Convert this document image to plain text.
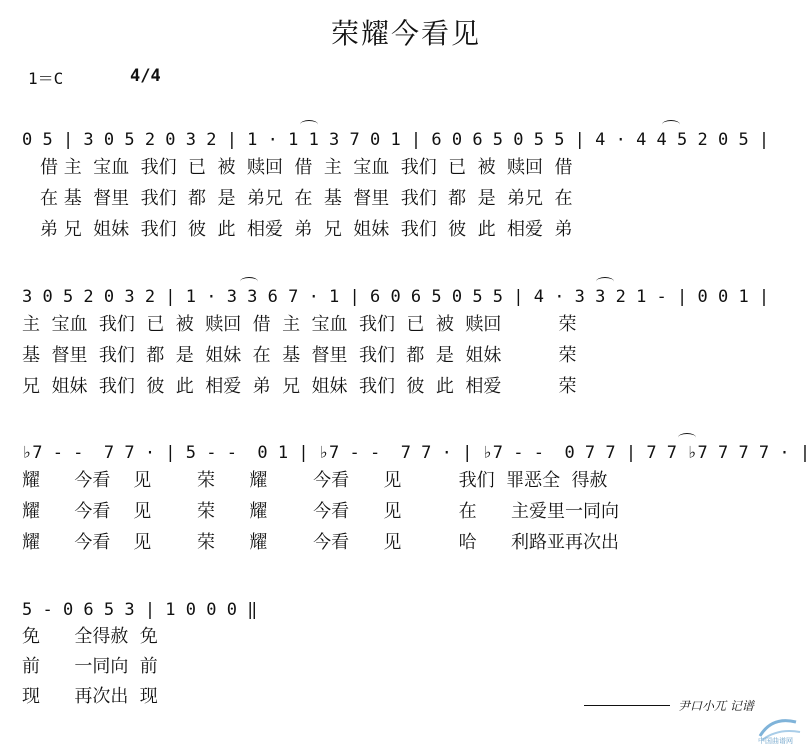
荣耀今看见
1＝C	4/4
0 5 | 3 0 5 2 0 3 2 | 1 · 1 1 3 7 0 1 | 6 0 6 5 0 5 5 | 4 · 4 4 5 2 0 5 |
借 主  宝血  我们  已  被  赎回  借  主  宝血  我们  已  被  赎回  借
在 基  督里  我们  都  是  弟兄  在  基  督里  我们  都  是  弟兄  在
弟 兄  姐妹  我们  彼  此  相爱  弟  兄  姐妹  我们  彼  此  相爱  弟
3 0 5 2 0 3 2 | 1 · 3 3 6 7 · 1 | 6 0 6 5 0 5 5 | 4 · 3 3 2 1 - | 0 0 1 |
主  宝血  我们  已  被  赎回  借  主  宝血  我们  已  被  赎回          荣
基  督里  我们  都  是  姐妹  在  基  督里  我们  都  是  姐妹          荣
兄  姐妹  我们  彼  此  相爱  弟  兄  姐妹  我们  彼  此  相爱          荣
♭7 - -  7 7 · | 5 - -  0 1 | ♭7 - -  7 7 · | ♭7 - -  0 7 7 | 7 7 ♭7 7 7 7 · |
耀      今看    见        荣      耀        今看      见          我们  罪恶全  得赦
耀      今看    见        荣      耀        今看      见          在      主爱里一同向
耀      今看    见        荣      耀        今看      见          哈      利路亚再次出
5 - 0 6 5 3 | 1 0 0 0 ‖
免      全得赦  免
前      一同向  前
现      再次出  现	尹口小兀 记谱
中国曲谱网
